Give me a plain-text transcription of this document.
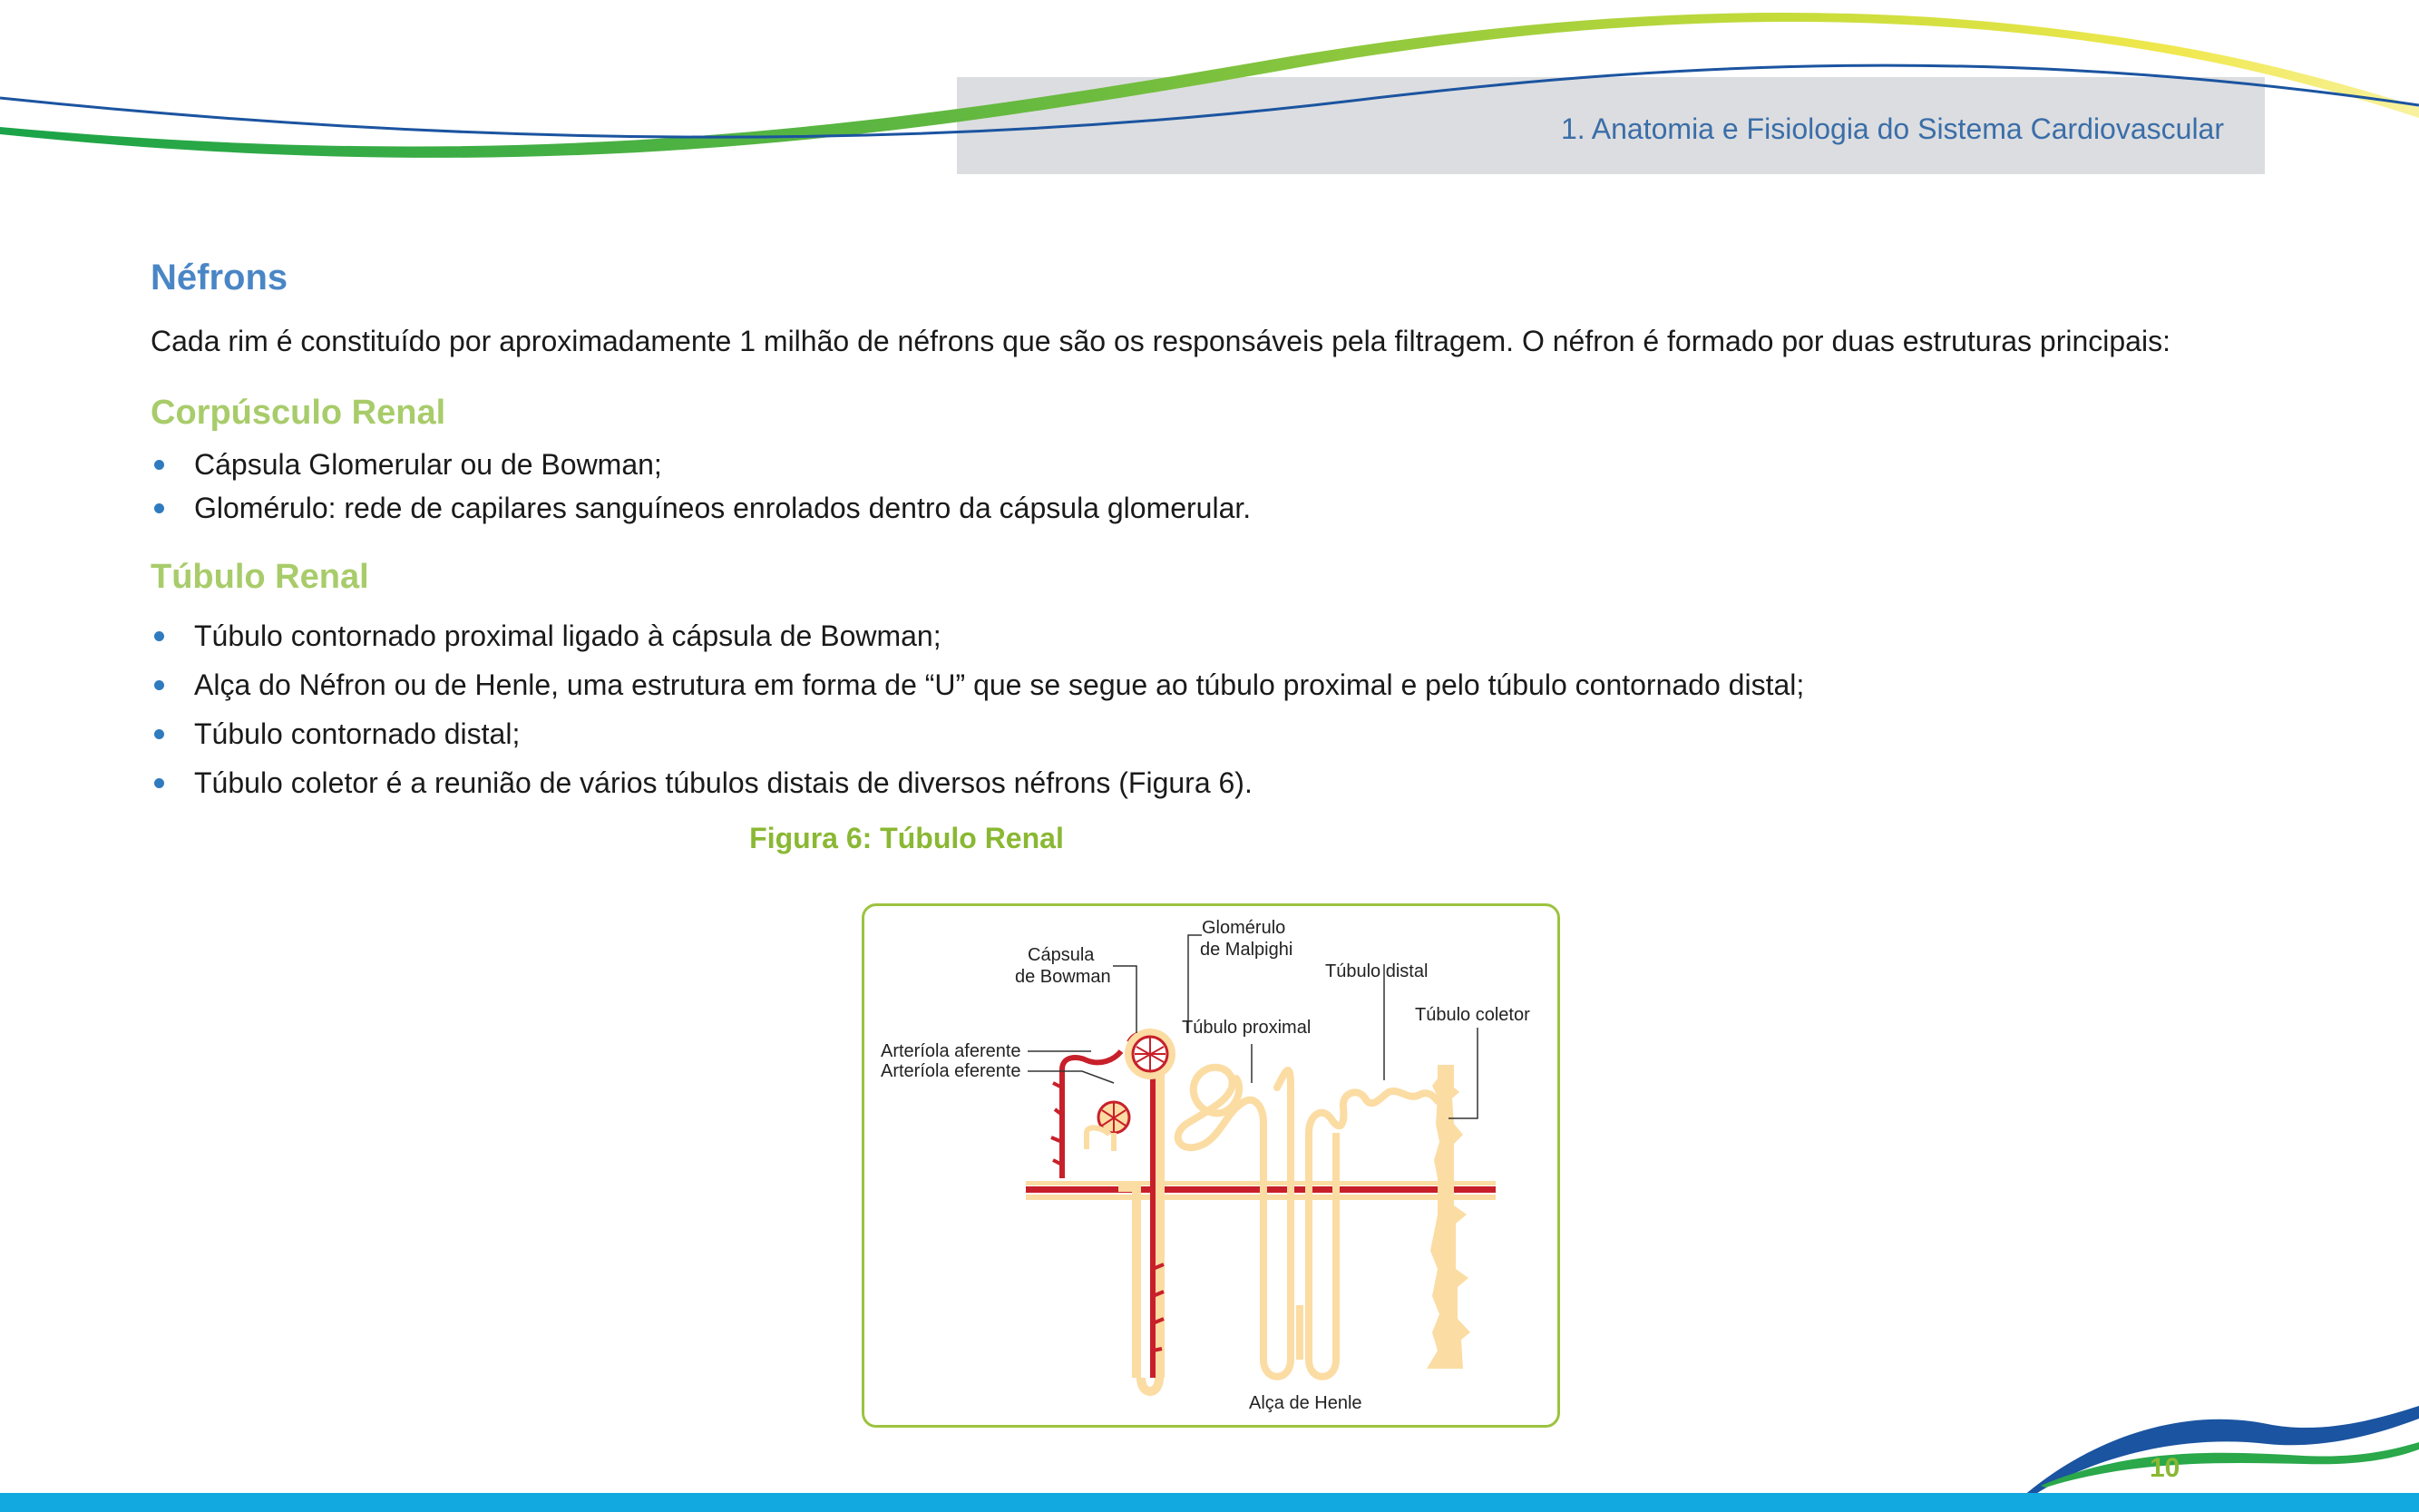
1. Anatomia e Fisiologia do Sistema Cardiovascular
Néfrons
Cada rim é constituído por aproximadamente 1 milhão de néfrons que são os responsáveis pela filtragem. O néfron é formado por duas estruturas principais:
Corpúsculo Renal
Cápsula Glomerular ou de Bowman;
Glomérulo: rede de capilares sanguíneos enrolados dentro da cápsula glomerular.
Túbulo Renal
Túbulo contornado proximal ligado à cápsula de Bowman;
Alça do Néfron ou de Henle, uma estrutura em forma de “U” que se segue ao túbulo proximal e pelo túbulo contornado distal;
Túbulo contornado distal;
Túbulo coletor é a reunião de vários túbulos distais de diversos néfrons (Figura 6).
Figura 6: Túbulo Renal
Cápsula
de Bowman
Glomérulo
de Malpighi
Túbulo distal
Túbulo coletor
Túbulo proximal
Arteríola aferente
Arteríola eferente
Alça de Henle
10
